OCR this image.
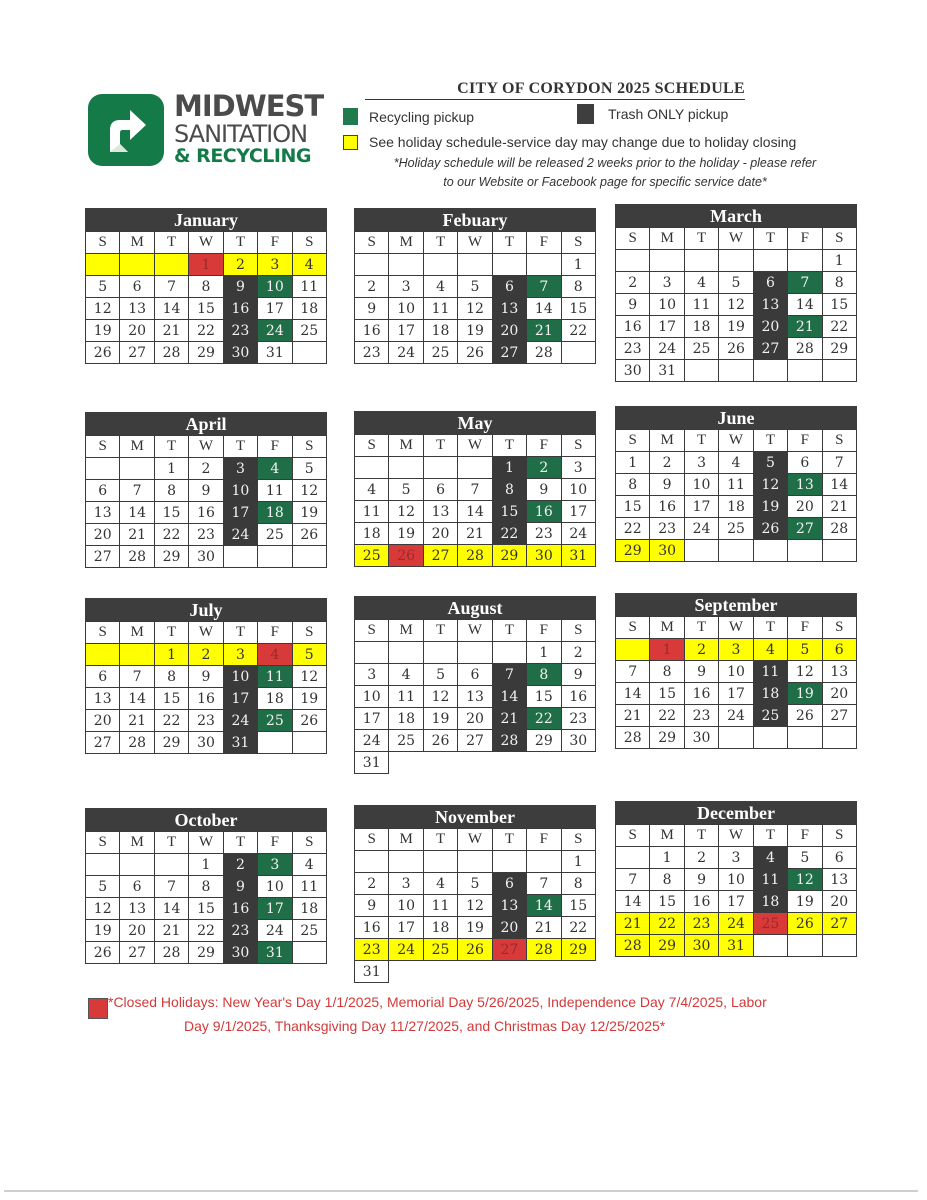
MIDWEST
SANITATION
& RECYCLING
CITY OF CORYDON 2025 SCHEDULE
Recycling pickup	Trash ONLY pickup
See holiday schedule-service day may change due to holiday closing
*Holiday schedule will be released 2 weeks prior to the holiday - please refer
to our Website or Facebook page for specific service date*
January
S	M	T	W	T	F	S
			1	2	3	4
5	6	7	8	9	10	11
12	13	14	15	16	17	18
19	20	21	22	23	24	25
26	27	28	29	30	31	
Febuary
S	M	T	W	T	F	S
						1
2	3	4	5	6	7	8
9	10	11	12	13	14	15
16	17	18	19	20	21	22
23	24	25	26	27	28	
March
S	M	T	W	T	F	S
						1
2	3	4	5	6	7	8
9	10	11	12	13	14	15
16	17	18	19	20	21	22
23	24	25	26	27	28	29
30	31					
April
S	M	T	W	T	F	S
		1	2	3	4	5
6	7	8	9	10	11	12
13	14	15	16	17	18	19
20	21	22	23	24	25	26
27	28	29	30			
May
S	M	T	W	T	F	S
				1	2	3
4	5	6	7	8	9	10
11	12	13	14	15	16	17
18	19	20	21	22	23	24
25	26	27	28	29	30	31
June
S	M	T	W	T	F	S
1	2	3	4	5	6	7
8	9	10	11	12	13	14
15	16	17	18	19	20	21
22	23	24	25	26	27	28
29	30					
July
S	M	T	W	T	F	S
		1	2	3	4	5
6	7	8	9	10	11	12
13	14	15	16	17	18	19
20	21	22	23	24	25	26
27	28	29	30	31		
August
S	M	T	W	T	F	S
					1	2
3	4	5	6	7	8	9
10	11	12	13	14	15	16
17	18	19	20	21	22	23
24	25	26	27	28	29	30
31						
September
S	M	T	W	T	F	S
	1	2	3	4	5	6
7	8	9	10	11	12	13
14	15	16	17	18	19	20
21	22	23	24	25	26	27
28	29	30				
October
S	M	T	W	T	F	S
			1	2	3	4
5	6	7	8	9	10	11
12	13	14	15	16	17	18
19	20	21	22	23	24	25
26	27	28	29	30	31	
November
S	M	T	W	T	F	S
						1
2	3	4	5	6	7	8
9	10	11	12	13	14	15
16	17	18	19	20	21	22
23	24	25	26	27	28	29
31						
December
S	M	T	W	T	F	S
	1	2	3	4	5	6
7	8	9	10	11	12	13
14	15	16	17	18	19	20
21	22	23	24	25	26	27
28	29	30	31			
*Closed Holidays: New Year's Day 1/1/2025, Memorial Day 5/26/2025, Independence Day 7/4/2025, Labor
Day 9/1/2025, Thanksgiving Day 11/27/2025, and Christmas Day 12/25/2025*
